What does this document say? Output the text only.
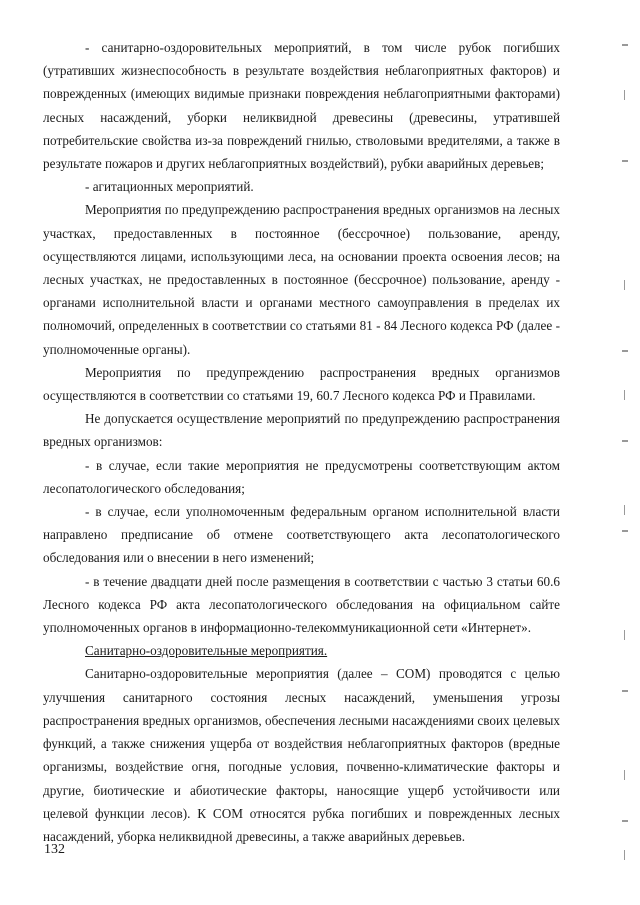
- санитарно-оздоровительных мероприятий, в том числе рубок погибших (утративших жизнеспособность в результате воздействия неблагоприятных факторов) и поврежденных (имеющих видимые признаки повреждения неблагоприятными факторами) лесных насаждений, уборки неликвидной древесины (древесины, утратившей потребительские свойства из-за повреждений гнилью, стволовыми вредителями, а также в результате пожаров и других неблагоприятных воздействий), рубки аварийных деревьев;

- агитационных мероприятий.

Мероприятия по предупреждению распространения вредных организмов на лесных участках, предоставленных в постоянное (бессрочное) пользование, аренду, осуществляются лицами, использующими леса, на основании проекта освоения лесов; на лесных участках, не предоставленных в постоянное (бессрочное) пользование, аренду - органами исполнительной власти и органами местного самоуправления в пределах их полномочий, определенных в соответствии со статьями 81 - 84 Лесного кодекса РФ (далее - уполномоченные органы).

Мероприятия по предупреждению распространения вредных организмов осуществляются в соответствии со статьями 19, 60.7 Лесного кодекса РФ и Правилами.

Не допускается осуществление мероприятий по предупреждению распространения вредных организмов:

- в случае, если такие мероприятия не предусмотрены соответствующим актом лесопатологического обследования;

- в случае, если уполномоченным федеральным органом исполнительной власти направлено предписание об отмене соответствующего акта лесопатологического обследования или о внесении в него изменений;

- в течение двадцати дней после размещения в соответствии с частью 3 статьи 60.6 Лесного кодекса РФ акта лесопатологического обследования на официальном сайте уполномоченных органов в информационно-телекоммуникационной сети «Интернет».

Санитарно-оздоровительные мероприятия.

Санитарно-оздоровительные мероприятия (далее – СОМ) проводятся с целью улучшения санитарного состояния лесных насаждений, уменьшения угрозы распространения вредных организмов, обеспечения лесными насаждениями своих целевых функций, а также снижения ущерба от воздействия неблагоприятных факторов (вредные организмы, воздействие огня, погодные условия, почвенно-климатические факторы и другие, биотические и абиотические факторы, наносящие ущерб устойчивости или целевой функции лесов). К СОМ относятся рубка погибших и поврежденных лесных насаждений, уборка неликвидной древесины, а также аварийных деревьев.

132
